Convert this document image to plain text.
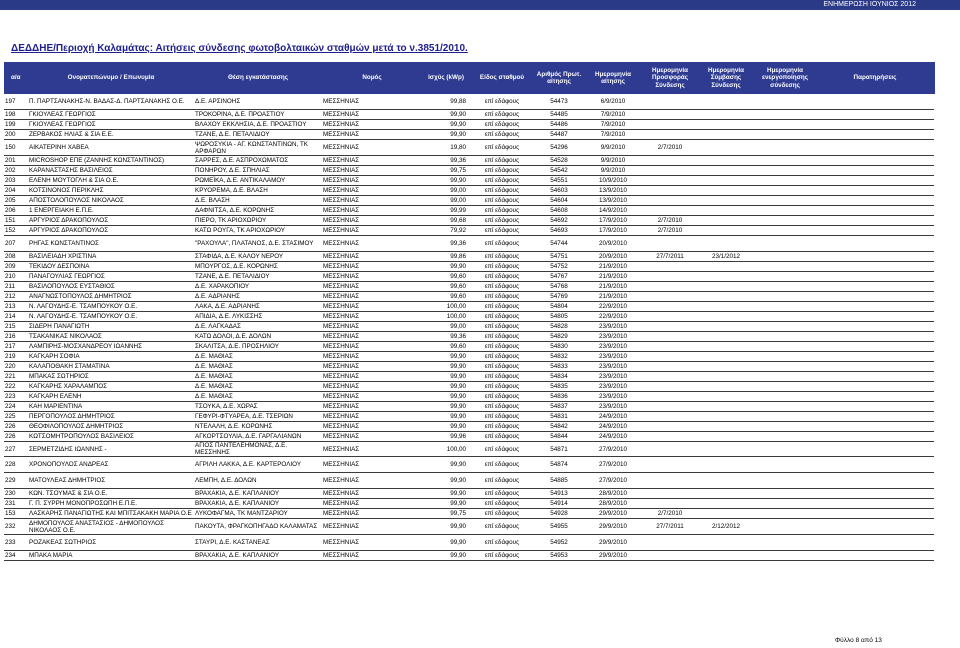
ΕΝΗΜΕΡΩΣΗ ΙΟΥΝΙΟΣ 2012
ΔΕΔΔΗΕ/Περιοχή Καλαμάτας: Αιτήσεις σύνδεσης φωτοβολταικών σταθμών μετά το ν.3851/2010.
α/α	Ονοματεπώνυμο / Επωνυμία	Θέση εγκατάστασης	Νομός	Ισχύς (kWp)	Είδος σταθμού	Αριθμός Πρωτ. αίτησης	Ημερομηνία αίτησης	Ημερομηνία Προσφοράς Σύνδεσης	Ημερομηνία Σύμβασης Σύνδεσης	Ημερομηνία ενεργοποίησης σύνδεσης	Παρατηρήσεις
197	Π. ΠΑΡΤΣΑΝΑΚΗΣ-Ν. ΒΑΔΑΣ-Δ. ΠΑΡΤΣΑΝΑΚΗΣ Ο.Ε.	Δ.Ε. ΑΡΣΙΝΟΗΣ	ΜΕΣΣΗΝΙΑΣ	99,88	επί εδάφους	54473	6/9/2010				
198	ΓΚΙΟΥΛΕΑΣ ΓΕΩΡΓΙΟΣ	ΤΡΟΚΟΡΙΝΑ, Δ.Ε. ΠΡΟΑΣΤΙΟΥ	ΜΕΣΣΗΝΙΑΣ	99,90	επί εδάφους	54485	7/9/2010				
199	ΓΚΙΟΥΛΕΑΣ ΓΕΩΡΓΙΟΣ	ΒΛΑΧΟΥ ΕΚΚΛΗΣΙΑ, Δ.Ε. ΠΡΟΑΣΤΙΟΥ	ΜΕΣΣΗΝΙΑΣ	99,90	επί εδάφους	54486	7/9/2010				
200	ΖΕΡΒΑΚΟΣ ΗΛΙΑΣ & ΣΙΑ Ε.Ε.	ΤΖΑΝΕ, Δ.Ε. ΠΕΤΑΛΙΔΙΟΥ	ΜΕΣΣΗΝΙΑΣ	99,90	επί εδάφους	54487	7/9/2010				
150	ΑΙΚΑΤΕΡΙΝΗ ΧΑΒΕΑ	ΨΩΡΟΣΥΚΙΑ - ΑΓ. ΚΩΝΣΤΑΝΤΙΝΩΝ, ΤΚ ΑΡΦΑΡΩΝ	ΜΕΣΣΗΝΙΑΣ	19,80	επί εδάφους	54296	9/9/2010	2/7/2010			
201	MICROSHOP ΕΠΕ (ΖΑΝΝΗΣ ΚΩΝΣΤΑΝΤΙΝΟΣ)	ΣΑΡΡΕΣ, Δ.Ε. ΑΣΠΡΟΧΩΜΑΤΟΣ	ΜΕΣΣΗΝΙΑΣ	99,36	επί εδάφους	54528	9/9/2010				
202	ΚΑΡΑΝΑΣΤΑΣΗΣ ΒΑΣΙΛΕΙΟΣ	ΠΟΝΗΡΟΥ, Δ.Ε. ΣΠΗΛΙΑΣ	ΜΕΣΣΗΝΙΑΣ	99,75	επί εδάφους	54542	9/9/2010				
203	ΕΛΕΝΗ ΜΟΥΤΟΓΛΗ & ΣΙΑ Ο.Ε.	ΡΩΜΕΪΚΑ, Δ.Ε. ΑΝΤΙΚΑΛΑΜΟΥ	ΜΕΣΣΗΝΙΑΣ	99,90	επί εδάφους	54551	10/9/2010				
204	ΚΟΤΣΙΝΟΝΟΣ ΠΕΡΙΚΛΗΣ	ΚΡΥΟΡΕΜΑ, Δ.Ε. ΒΛΑΣΗ	ΜΕΣΣΗΝΙΑΣ	99,00	επί εδάφους	54603	13/9/2010				
205	ΑΠΟΣΤΟΛΟΠΟΥΛΟΣ ΝΙΚΟΛΑΟΣ	Δ.Ε. ΒΛΑΣΗ	ΜΕΣΣΗΝΙΑΣ	99,00	επί εδάφους	54604	13/9/2010				
206	1 ΕΝΕΡΓΕΙΑΚΗ Ε.Π.Ε.	ΔΑΦΝΙΤΣΑ, Δ.Ε. ΚΟΡΩΝΗΣ	ΜΕΣΣΗΝΙΑΣ	99,99	επί εδάφους	54608	14/9/2010				
151	ΑΡΓΥΡΙΟΣ ΔΡΑΚΟΠΟΥΛΟΣ	ΠΙΕΡΟ, ΤΚ ΑΡΙΟΧΩΡΙΟΥ	ΜΕΣΣΗΝΙΑΣ	99,68	επί εδάφους	54692	17/9/2010	2/7/2010			
152	ΑΡΓΥΡΙΟΣ ΔΡΑΚΟΠΟΥΛΟΣ	ΚΑΤΩ ΡΟΥΓΑ, ΤΚ ΑΡΙΟΧΩΡΙΟΥ	ΜΕΣΣΗΝΙΑΣ	79,92	επί εδάφους	54693	17/9/2010	2/7/2010			
207	ΡΗΓΑΣ ΚΩΝΣΤΑΝΤΙΝΟΣ	"ΡΑΧΟΥΛΑ", ΠΛΑΤΑΝΟΣ, Δ.Ε. ΣΤΑΣΙΜΟΥ	ΜΕΣΣΗΝΙΑΣ	99,36	επί εδάφους	54744	20/9/2010				
208	ΒΑΣΙΛΕΙΑΔΗ ΧΡΙΣΤΙΝΑ	ΣΤΑΦΙΔΑ, Δ.Ε. ΚΑΛΟΥ ΝΕΡΟΥ	ΜΕΣΣΗΝΙΑΣ	99,86	επί εδάφους	54751	20/9/2010	27/7/2011	23/1/2012		
209	ΤΕΚΙΔΟΥ ΔΕΣΠΟΙΝΑ	ΜΠΟΥΡΓΟΣ, Δ.Ε. ΚΟΡΩΝΗΣ	ΜΕΣΣΗΝΙΑΣ	99,90	επί εδάφους	54752	21/9/2010				
210	ΠΑΝΑΓΟΥΛΙΑΣ ΓΕΩΡΓΙΟΣ	ΤΖΑΝΕ, Δ.Ε. ΠΕΤΑΛΙΔΙΟΥ	ΜΕΣΣΗΝΙΑΣ	99,60	επί εδάφους	54767	21/9/2010				
211	ΒΑΣΙΛΟΠΟΥΛΟΣ ΕΥΣΤΑΘΙΟΣ	Δ.Ε. ΧΑΡΑΚΟΠΙΟΥ	ΜΕΣΣΗΝΙΑΣ	99,60	επί εδάφους	54768	21/9/2010				
212	ΑΝΑΓΝΩΣΤΟΠΟΥΛΟΣ ΔΗΜΗΤΡΙΟΣ	Δ.Ε. ΑΔΡΙΑΝΗΣ	ΜΕΣΣΗΝΙΑΣ	99,60	επί εδάφους	54769	21/9/2010				
213	Ν. ΛΑΓΟΥΔΗΣ-Ε. ΤΣΑΜΠΟΥΚΟΥ Ο.Ε.	ΛΑΚΑ, Δ.Ε. ΑΔΡΙΑΝΗΣ	ΜΕΣΣΗΝΙΑΣ	100,00	επί εδάφους	54804	22/9/2010				
214	Ν. ΛΑΓΟΥΔΗΣ-Ε. ΤΣΑΜΠΟΥΚΟΥ Ο.Ε.	ΑΠΙΔΙΑ, Δ.Ε. ΛΥΚΙΣΣΗΣ	ΜΕΣΣΗΝΙΑΣ	100,00	επί εδάφους	54805	22/9/2010				
215	ΣΙΔΕΡΗ ΠΑΝΑΓΙΩΤΗ	Δ.Ε. ΛΑΓΚΑΔΑΣ	ΜΕΣΣΗΝΙΑΣ	99,00	επί εδάφους	54828	23/9/2010				
216	ΤΣΑΚΑΝΙΚΑΣ ΝΙΚΟΛΑΟΣ	ΚΑΤΩ ΔΟΛΟΙ, Δ.Ε. ΔΟΛΩΝ	ΜΕΣΣΗΝΙΑΣ	99,36	επί εδάφους	54829	23/9/2010				
217	ΛΑΜΠΙΡΗΣ-ΜΟΣΧΑΝΔΡΕΟΥ ΙΩΑΝΝΗΣ	ΣΚΑΛΙΤΣΑ, Δ.Ε. ΠΡΟΣΗΛΙΟΥ	ΜΕΣΣΗΝΙΑΣ	99,60	επί εδάφους	54830	23/9/2010				
219	ΚΑΓΚΑΡΗ ΣΟΦΙΑ	Δ.Ε. ΜΑΘΙΑΣ	ΜΕΣΣΗΝΙΑΣ	99,90	επί εδάφους	54832	23/9/2010				
220	ΚΑΛΑΠΟΘΑΚΗ ΣΤΑΜΑΤΙΝΑ	Δ.Ε. ΜΑΘΙΑΣ	ΜΕΣΣΗΝΙΑΣ	99,90	επί εδάφους	54833	23/9/2010				
221	ΜΠΑΚΑΣ ΣΩΤΗΡΙΟΣ	Δ.Ε. ΜΑΘΙΑΣ	ΜΕΣΣΗΝΙΑΣ	99,90	επί εδάφους	54834	23/9/2010				
222	ΚΑΓΚΑΡΗΣ ΧΑΡΑΛΑΜΠΟΣ	Δ.Ε. ΜΑΘΙΑΣ	ΜΕΣΣΗΝΙΑΣ	99,90	επί εδάφους	54835	23/9/2010				
223	ΚΑΓΚΑΡΗ ΕΛΕΝΗ	Δ.Ε. ΜΑΘΙΑΣ	ΜΕΣΣΗΝΙΑΣ	99,90	επί εδάφους	54836	23/9/2010				
224	ΚΑΗ ΜΑΡΙΕΝΤΙΝΑ	ΤΣΟΥΚΑ, Δ.Ε. ΧΩΡΑΣ	ΜΕΣΣΗΝΙΑΣ	99,90	επί εδάφους	54837	23/9/2010				
225	ΠΕΡΓΟΠΟΥΛΟΣ ΔΗΜΗΤΡΙΟΣ	ΓΕΦΥΡΙ-ΦΤΥΑΡΕΑ, Δ.Ε. ΤΣΕΡΙΩΝ	ΜΕΣΣΗΝΙΑΣ	99,90	επί εδάφους	54831	24/9/2010				
226	ΘΕΟΦΙΛΟΠΟΥΛΟΣ ΔΗΜΗΤΡΙΟΣ	ΝΤΕΛΑΛΗ, Δ.Ε. ΚΟΡΩΝΗΣ	ΜΕΣΣΗΝΙΑΣ	99,90	επί εδάφους	54842	24/9/2010				
226	ΚΩΤΣΟΜΗΤΡΟΠΟΥΛΟΣ ΒΑΣΙΛΕΙΟΣ	ΑΓΚΟΡΤΣΟΥΛΙΑ, Δ.Ε. ΓΑΡΓΑΛΙΑΝΩΝ	ΜΕΣΣΗΝΙΑΣ	99,96	επί εδάφους	54844	24/9/2010				
227	ΣΕΡΜΕΤΖΙΔΗΣ ΙΩΑΝΝΗΣ -	ΑΓΙΟΣ ΠΑΝΤΕΛΕΗΜΟΝΑΣ, Δ.Ε. ΜΕΣΣΗΝΗΣ	ΜΕΣΣΗΝΙΑΣ	100,00	επί εδάφους	54871	27/9/2010				
228	ΧΡΟΝΟΠΟΥΛΟΣ ΑΝΔΡΕΑΣ	ΑΓΡΙΛΗ ΛΑΚΚΑ, Δ.Ε. ΚΑΡΤΕΡΟΛΙΟΥ	ΜΕΣΣΗΝΙΑΣ	99,90	επί εδάφους	54874	27/9/2010				
229	ΜΑΤΟΥΛΕΑΣ ΔΗΜΗΤΡΙΟΣ	ΛΕΜΠΗ, Δ.Ε. ΔΟΛΩΝ	ΜΕΣΣΗΝΙΑΣ	99,90	επί εδάφους	54885	27/9/2010				
230	ΚΩΝ. ΤΣΟΥΜΑΣ & ΣΙΑ Ο.Ε.	ΒΡΑΧΑΚΙΑ, Δ.Ε. ΚΑΠΛΑΝΙΟΥ	ΜΕΣΣΗΝΙΑΣ	99,90	επί εδάφους	54913	28/9/2010				
231	Γ. Π. ΣΥΡΡΗ ΜΟΝΟΠΡΟΣΩΠΗ Ε.Π.Ε.	ΒΡΑΧΑΚΙΑ, Δ.Ε. ΚΑΠΛΑΝΙΟΥ	ΜΕΣΣΗΝΙΑΣ	99,90	επί εδάφους	54914	28/9/2010				
153	ΛΑΣΚΑΡΗΣ ΠΑΝΑΓΙΩΤΗΣ ΚΑΙ ΜΠΙΤΣΑΚΑΚΗ ΜΑΡΙΑ Ο.Ε	ΛΥΚΟΦΑΓΜΑ, ΤΚ ΜΑΝΤΖΑΡΙΟΥ	ΜΕΣΣΗΝΙΑΣ	99,75	επί εδάφους	54928	29/9/2010	2/7/2010			
232	ΔΗΜΟΠΟΥΛΟΣ ΑΝΑΣΤΑΣΙΟΣ - ΔΗΜΟΠΟΥΛΟΣ ΝΙΚΟΛΑΟΣ Ο.Ε.	ΠΑΚΟΥΤΑ, ΦΡΑΓΚΟΠΗΓΑΔΟ ΚΑΛΑΜΑΤΑΣ	ΜΕΣΣΗΝΙΑΣ	99,90	επί εδάφους	54955	29/9/2010	27/7/2011	2/12/2012		
233	ΡΟΖΑΚΕΑΣ ΣΩΤΗΡΙΟΣ	ΣΤΑΥΡΙ, Δ.Ε. ΚΑΣΤΑΝΕΑΣ	ΜΕΣΣΗΝΙΑΣ	99,90	επί εδάφους	54952	29/9/2010				
234	ΜΠΑΚΑ ΜΑΡΙΑ	ΒΡΑΧΑΚΙΑ, Δ.Ε. ΚΑΠΛΑΝΙΟΥ	ΜΕΣΣΗΝΙΑΣ	99,90	επί εδάφους	54953	29/9/2010				
Φύλλο 8 από 13
